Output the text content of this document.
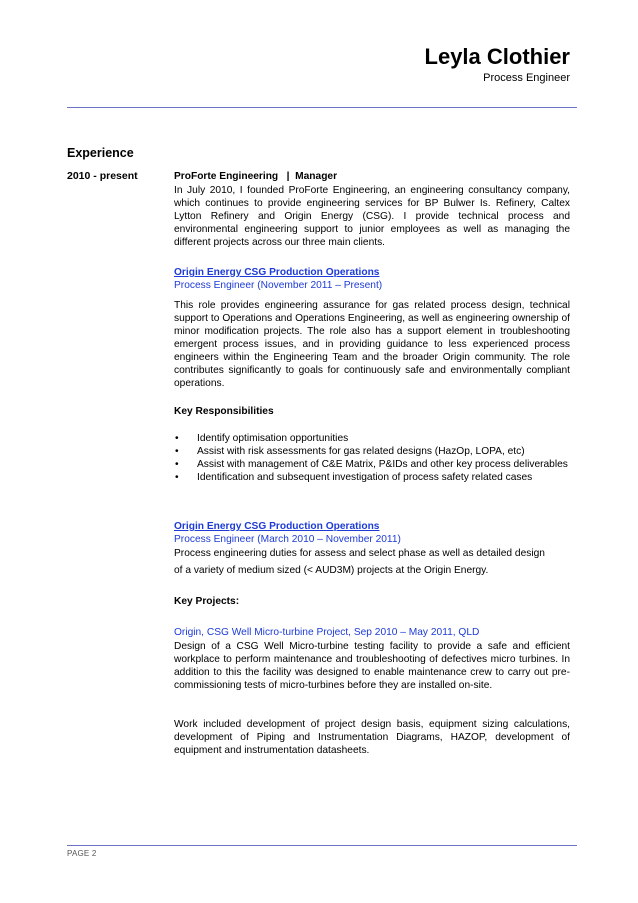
Leyla Clothier
Process Engineer
Experience
2010 - present	ProForte Engineering   |  Manager
In July 2010, I founded ProForte Engineering, an engineering consultancy company, which continues to provide engineering services for BP Bulwer Is. Refinery, Caltex Lytton Refinery and Origin Energy (CSG). I provide technical process and environmental engineering support to junior employees as well as managing the different projects across our three main clients.
Origin Energy CSG Production Operations
Process Engineer (November 2011 – Present)
This role provides engineering assurance for gas related process design, technical support to Operations and Operations Engineering, as well as engineering ownership of minor modification projects. The role also has a support element in troubleshooting emergent process issues, and in providing guidance to less experienced process engineers within the Engineering Team and the broader Origin community. The role contributes significantly to goals for continuously safe and environmentally compliant operations.
Key Responsibilities
• Identify optimisation opportunities
• Assist with risk assessments for gas related designs (HazOp, LOPA, etc)
• Assist with management of C&E Matrix, P&IDs and other key process deliverables
• Identification and subsequent investigation of process safety related cases
Origin Energy CSG Production Operations
Process Engineer (March 2010 – November 2011)
Process engineering duties for assess and select phase as well as detailed design
of a variety of medium sized (< AUD3M) projects at the Origin Energy.
Key Projects:
Origin, CSG Well Micro-turbine Project, Sep 2010 – May 2011, QLD
Design of a CSG Well Micro-turbine testing facility to provide a safe and efficient workplace to perform maintenance and troubleshooting of defectives micro turbines. In addition to this the facility was designed to enable maintenance crew to carry out pre-commissioning tests of micro-turbines before they are installed on-site.
Work included development of project design basis, equipment sizing calculations, development of Piping and Instrumentation Diagrams, HAZOP, development of equipment and instrumentation datasheets.
PAGE 2
